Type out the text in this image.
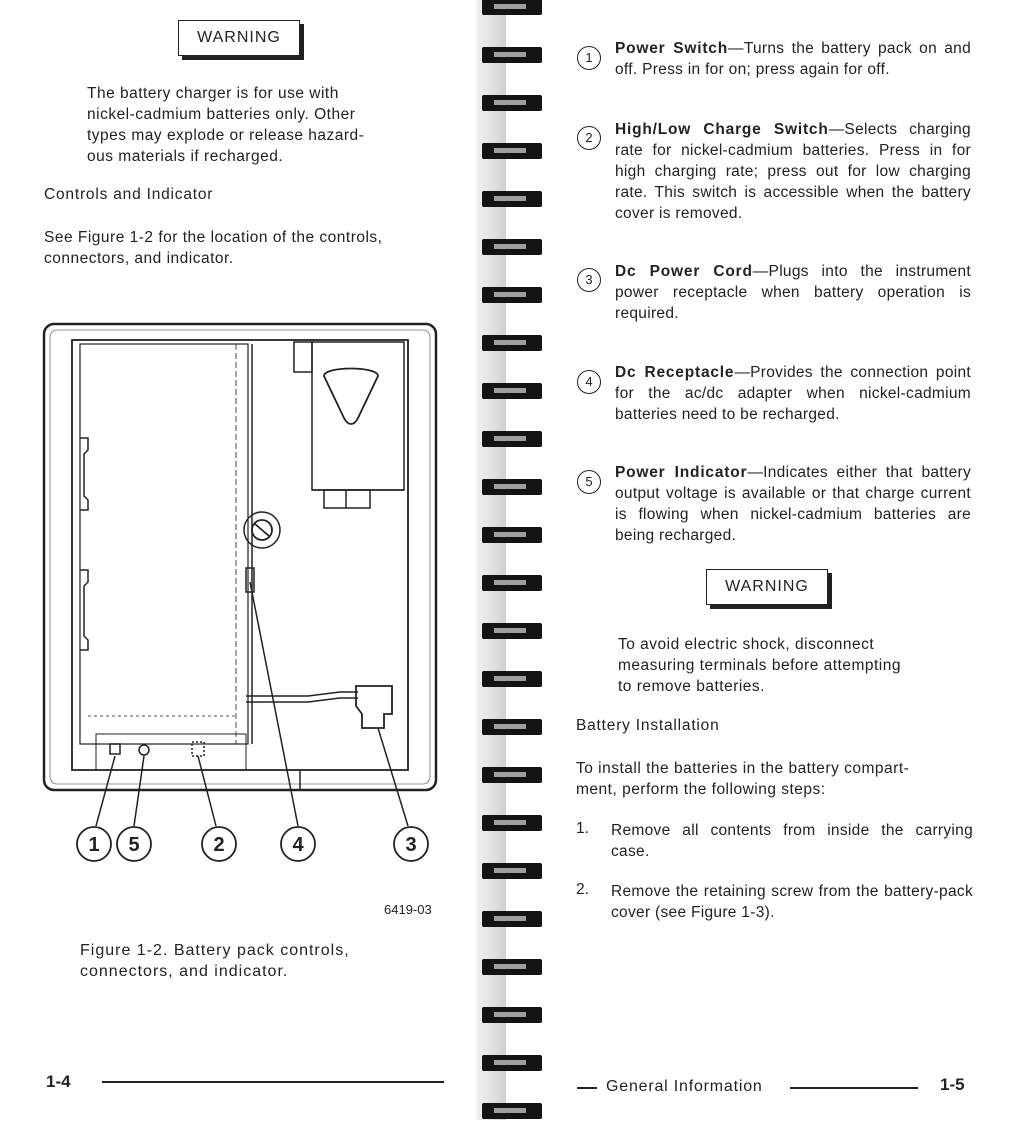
WARNING
The battery charger is for use with
nickel-cadmium batteries only. Other
types may explode or release hazard-
ous materials if recharged.
Controls and Indicator
See Figure 1-2 for the location of the controls,
connectors, and indicator.
1 5	2	4	3
6419-03
Figure 1-2. Battery pack controls,
connectors, and indicator.
1-4
1
Power Switch—Turns the battery pack on and off. Press in for on; press again for off.
2	High/Low Charge Switch—Selects charging rate for nickel-cadmium batteries. Press in for high charging rate; press out for low charging rate. This switch is accessible when the battery cover is removed.
3	Dc Power Cord—Plugs into the instrument power receptacle when battery operation is required.
4
Dc Receptacle—Provides the connection point for the ac/dc adapter when nickel-cadmium batteries need to be recharged.
5
Power Indicator—Indicates either that battery output voltage is available or that charge current is flowing when nickel-cadmium batteries are being recharged.
WARNING
To avoid electric shock, disconnect
measuring terminals before attempting
to remove batteries.
Battery Installation
To install the batteries in the battery compart-
ment, perform the following steps:
1. Remove all contents from inside the carrying case.
2. Remove the retaining screw from the battery-pack cover (see Figure 1-3).
General Information	1-5
